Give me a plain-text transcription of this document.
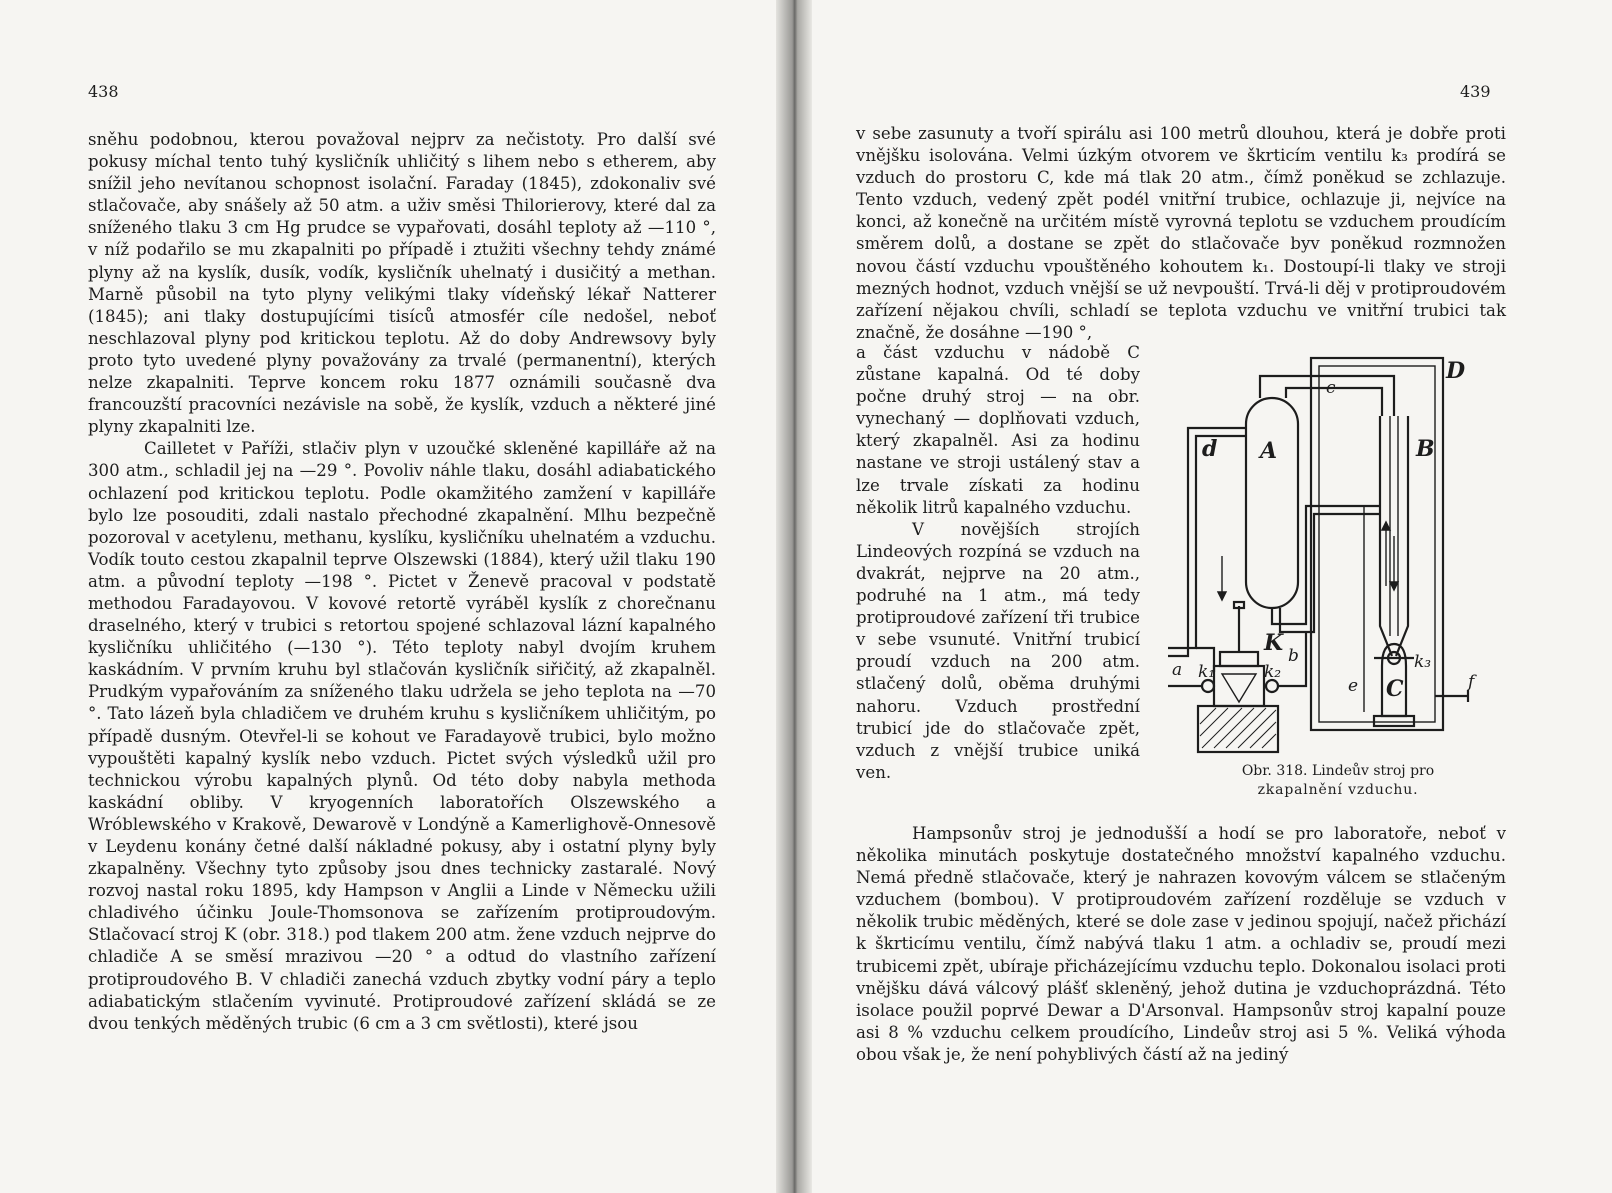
438

sněhu podobnou, kterou považoval nejprv za nečistoty. Pro další své pokusy míchal tento tuhý kysličník uhličitý s lihem nebo s etherem, aby snížil jeho nevítanou schopnost isolační. Faraday (1845), zdokonaliv své stlačovače, aby snášely až 50 atm. a uživ směsi Thilorierovy, které dal za sníženého tlaku 3 cm Hg prudce se vypařovati, dosáhl teploty až —110 °, v níž podařilo se mu zkapalniti po případě i ztužiti všechny tehdy známé plyny až na kyslík, dusík, vodík, kysličník uhelnatý i dusičitý a methan. Marně působil na tyto plyny velikými tlaky vídeňský lékař Natterer (1845); ani tlaky dostupujícími tisíců atmosfér cíle nedošel, neboť neschlazoval plyny pod kritickou teplotu. Až do doby Andrewsovy byly proto tyto uvedené plyny považovány za trvalé (permanentní), kterých nelze zkapalniti. Teprve koncem roku 1877 oznámili současně dva francouzští pracovníci nezávisle na sobě, že kyslík, vzduch a některé jiné plyny zkapalniti lze.

Cailletet v Paříži, stlačiv plyn v uzoučké skleněné kapilláře až na 300 atm., schladil jej na —29 °. Povoliv náhle tlaku, dosáhl adiabatického ochlazení pod kritickou teplotu. Podle okamžitého zamžení v kapilláře bylo lze posouditi, zdali nastalo přechodné zkapalnění. Mlhu bezpečně pozoroval v acetylenu, methanu, kyslíku, kysličníku uhelnatém a vzduchu. Vodík touto cestou zkapalnil teprve Olszewski (1884), který užil tlaku 190 atm. a původní teploty —198 °. Pictet v Ženevě pracoval v podstatě methodou Faradayovou. V kovové retortě vyráběl kyslík z chorečnanu draselného, který v trubici s retortou spojené schlazoval lázní kapalného kysličníku uhličitého (—130 °). Této teploty nabyl dvojím kruhem kaskádním. V prvním kruhu byl stlačován kysličník siřičitý, až zkapalněl. Prudkým vypařováním za sníženého tlaku udržela se jeho teplota na —70 °. Tato lázeň byla chladičem ve druhém kruhu s kysličníkem uhličitým, po případě dusným. Otevřel-li se kohout ve Faradayově trubici, bylo možno vypouštěti kapalný kyslík nebo vzduch. Pictet svých výsledků užil pro technickou výrobu kapalných plynů. Od této doby nabyla methoda kaskádní obliby. V kryogenních laboratořích Olszewského a Wróblewského v Krakově, Dewarově v Londýně a Kamerlighově-Onnesově v Leydenu konány četné další nákladné pokusy, aby i ostatní plyny byly zkapalněny. Všechny tyto způsoby jsou dnes technicky zastaralé. Nový rozvoj nastal roku 1895, kdy Hampson v Anglii a Linde v Německu užili chladivého účinku Joule-Thomsonova se zařízením protiproudovým. Stlačovací stroj K (obr. 318.) pod tlakem 200 atm. žene vzduch nejprve do chladiče A se směsí mrazivou —20 ° a odtud do vlastního zařízení protiproudového B. V chladiči zanechá vzduch zbytky vodní páry a teplo adiabatickým stlačením vyvinuté. Protiproudové zařízení skládá se ze dvou tenkých měděných trubic (6 cm a 3 cm světlosti), které jsou

439
v sebe zasunuty a tvoří spirálu asi 100 metrů dlouhou, která je dobře proti vnějšku isolována. Velmi úzkým otvorem ve škrticím ventilu k₃ prodírá se vzduch do prostoru C, kde má tlak 20 atm., čímž poněkud se zchlazuje. Tento vzduch, vedený zpět podél vnitřní trubice, ochlazuje ji, nejvíce na konci, až konečně na určitém místě vyrovná teplotu se vzduchem proudícím směrem dolů, a dostane se zpět do stlačovače byv poněkud rozmnožen novou částí vzduchu vpouštěného kohoutem k₁. Dostoupí-li tlaky ve stroji mezných hodnot, vzduch vnější se už nevpouští. Trvá-li děj v protiproudovém zařízení nějakou chvíli, schladí se teplota vzduchu ve vnitřní trubici tak značně, že dosáhne —190 °,

a část vzduchu v nádobě C zůstane kapalná. Od té doby počne druhý stroj — na obr. vynechaný — doplňovati vzduch, který zkapalněl. Asi za hodinu nastane ve stroji ustálený stav a lze trvale získati za hodinu několik litrů kapalného vzduchu.

V novějších strojích Lindeových rozpíná se vzduch na dvakrát, nejprve na 20 atm., podruhé na 1 atm., má tedy protiproudové zařízení tři trubice v sebe vsunuté. Vnitřní trubicí proudí vzduch na 200 atm. stlačený dolů, oběma druhými nahoru. Vzduch prostřední trubicí jde do stlačovače zpět, vzduch z vnější trubice uniká ven.

D
c
d A	B
K
k₁	k₂
b
a
e
k₃
C	f
Obr. 318. Lindeův stroj pro
zkapalnění vzduchu.

Hampsonův stroj je jednodušší a hodí se pro laboratoře, neboť v několika minutách poskytuje dostatečného množství kapalného vzduchu. Nemá předně stlačovače, který je nahrazen kovovým válcem se stlačeným vzduchem (bombou). V protiproudovém zařízení rozděluje se vzduch v několik trubic měděných, které se dole zase v jedinou spojují, načež přichází k škrticímu ventilu, čímž nabývá tlaku 1 atm. a ochladiv se, proudí mezi trubicemi zpět, ubíraje přicházejícímu vzduchu teplo. Dokonalou isolaci proti vnějšku dává válcový plášť skleněný, jehož dutina je vzduchoprázdná. Této isolace použil poprvé Dewar a D'Arsonval. Hampsonův stroj kapalní pouze asi 8 % vzduchu celkem proudícího, Lindeův stroj asi 5 %. Veliká výhoda obou však je, že není pohyblivých částí až na jediný
